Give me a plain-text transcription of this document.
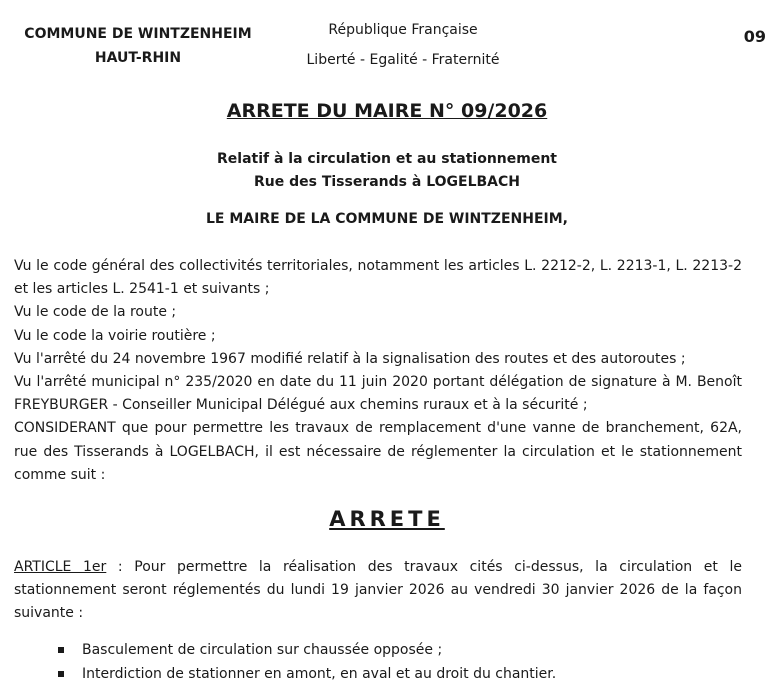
COMMUNE DE WINTZENHEIM
HAUT-RHIN
République Française
Liberté - Egalité - Fraternité
09
ARRETE DU MAIRE N° 09/2026
Relatif à la circulation et au stationnement
Rue des Tisserands à LOGELBACH
LE MAIRE DE LA COMMUNE DE WINTZENHEIM,

Vu le code général des collectivités territoriales, notamment les articles L. 2212-2, L. 2213-1, L. 2213-2 et les articles L. 2541-1 et suivants ;

Vu le code de la route ;

Vu le code la voirie routière ;

Vu l'arrêté du 24 novembre 1967 modifié relatif à la signalisation des routes et des autoroutes ;

Vu l'arrêté municipal n° 235/2020 en date du 11 juin 2020 portant délégation de signature à M. Benoît FREYBURGER - Conseiller Municipal Délégué aux chemins ruraux et à la sécurité ;

CONSIDERANT que pour permettre les travaux de remplacement d'une vanne de branchement, 62A, rue des Tisserands à LOGELBACH, il est nécessaire de réglementer la circulation et le stationnement comme suit :

ARRETE
ARTICLE 1er : Pour permettre la réalisation des travaux cités ci-dessus, la circulation et le stationnement seront réglementés du lundi 19 janvier 2026 au vendredi 30 janvier 2026 de la façon suivante :
Basculement de circulation sur chaussée opposée ;
Interdiction de stationner en amont, en aval et au droit du chantier.
